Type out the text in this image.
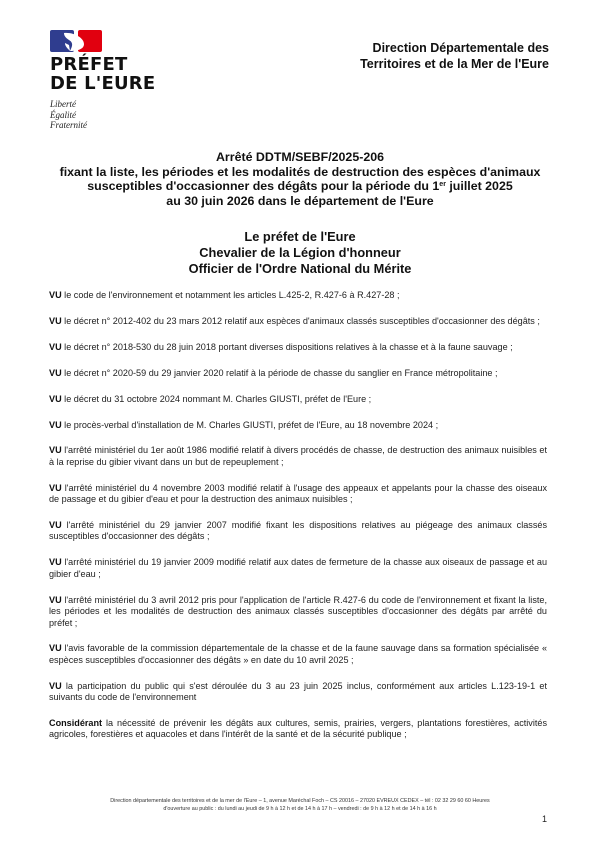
PRÉFET
DE L'EURE
Liberté
Égalité
Fraternité
Direction Départementale des
Territoires et de la Mer de l'Eure
Arrêté DDTM/SEBF/2025-206
fixant la liste, les périodes et les modalités de destruction des espèces d'animaux
susceptibles d'occasionner des dégâts pour la période du 1er juillet 2025
au 30 juin 2026 dans le département de l'Eure
Le préfet de l'Eure
Chevalier de la Légion d'honneur
Officier de l'Ordre National du Mérite

VU le code de l'environnement et notamment les articles L.425-2, R.427-6 à R.427-28 ;

VU le décret n° 2012-402 du 23 mars 2012 relatif aux espèces d'animaux classés susceptibles d'occasionner des dégâts ;

VU le décret n° 2018-530 du 28 juin 2018 portant diverses dispositions relatives à la chasse et à la faune sauvage ;

VU le décret n° 2020-59 du 29 janvier 2020 relatif à la période de chasse du sanglier en France métropolitaine ;

VU le décret du 31 octobre 2024 nommant M. Charles GIUSTI, préfet de l'Eure ;

VU le procès-verbal d'installation de M. Charles GIUSTI, préfet de l'Eure, au 18 novembre 2024 ;

VU l'arrêté ministériel du 1er août 1986 modifié relatif à divers procédés de chasse, de destruction des animaux nuisibles et à la reprise du gibier vivant dans un but de repeuplement ;

VU l'arrêté ministériel du 4 novembre 2003 modifié relatif à l'usage des appeaux et appelants pour la chasse des oiseaux de passage et du gibier d'eau et pour la destruction des animaux nuisibles ;

VU l'arrêté ministériel du 29 janvier 2007 modifié fixant les dispositions relatives au piégeage des animaux classés susceptibles d'occasionner des dégâts ;

VU l'arrêté ministériel du 19 janvier 2009 modifié relatif aux dates de fermeture de la chasse aux oiseaux de passage et au gibier d'eau ;

VU l'arrêté ministériel du 3 avril 2012 pris pour l'application de l'article R.427-6 du code de l'environnement et fixant la liste, les périodes et les modalités de destruction des animaux classés susceptibles d'occasionner des dégâts par arrêté du préfet ;

VU l'avis favorable de la commission départementale de la chasse et de la faune sauvage dans sa formation spécialisée « espèces susceptibles d'occasionner des dégâts » en date du 10 avril 2025 ;

VU la participation du public qui s'est déroulée du 3 au 23 juin 2025 inclus, conformément aux articles L.123-19-1 et suivants du code de l'environnement

Considérant la nécessité de prévenir les dégâts aux cultures, semis, prairies, vergers, plantations forestières, activités agricoles, forestières et aquacoles et dans l'intérêt de la santé et de la sécurité publique ;

Direction départementale des territoires et de la mer de l'Eure – 1, avenue Maréchal Foch – CS 20016 – 27020 EVREUX CEDEX – tél : 02 32 29 60 60 Heures
d'ouverture au public : du lundi au jeudi de 9 h à 12 h et de 14 h à 17 h – vendredi : de 9 h à 12 h et de 14 h à 16 h
1
